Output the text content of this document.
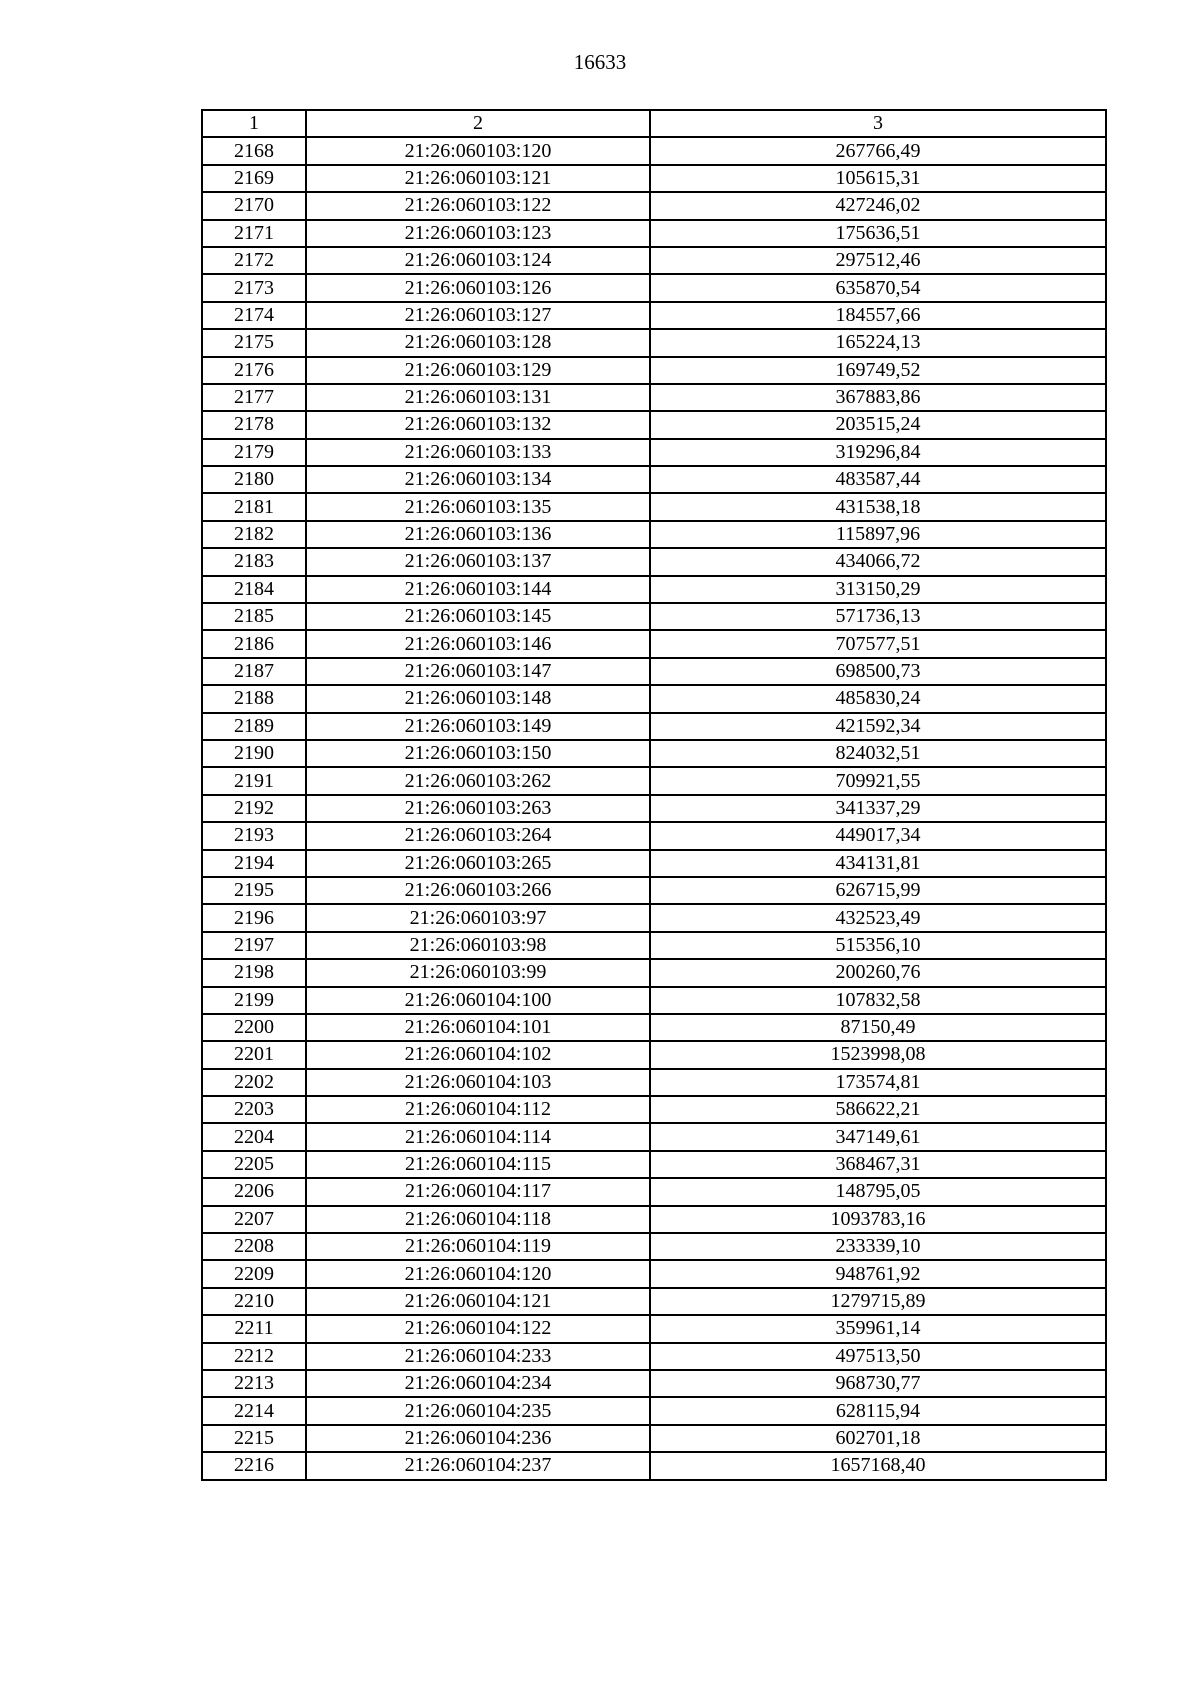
16633
1	2	3
2168	21:26:060103:120	267766,49
2169	21:26:060103:121	105615,31
2170	21:26:060103:122	427246,02
2171	21:26:060103:123	175636,51
2172	21:26:060103:124	297512,46
2173	21:26:060103:126	635870,54
2174	21:26:060103:127	184557,66
2175	21:26:060103:128	165224,13
2176	21:26:060103:129	169749,52
2177	21:26:060103:131	367883,86
2178	21:26:060103:132	203515,24
2179	21:26:060103:133	319296,84
2180	21:26:060103:134	483587,44
2181	21:26:060103:135	431538,18
2182	21:26:060103:136	115897,96
2183	21:26:060103:137	434066,72
2184	21:26:060103:144	313150,29
2185	21:26:060103:145	571736,13
2186	21:26:060103:146	707577,51
2187	21:26:060103:147	698500,73
2188	21:26:060103:148	485830,24
2189	21:26:060103:149	421592,34
2190	21:26:060103:150	824032,51
2191	21:26:060103:262	709921,55
2192	21:26:060103:263	341337,29
2193	21:26:060103:264	449017,34
2194	21:26:060103:265	434131,81
2195	21:26:060103:266	626715,99
2196	21:26:060103:97	432523,49
2197	21:26:060103:98	515356,10
2198	21:26:060103:99	200260,76
2199	21:26:060104:100	107832,58
2200	21:26:060104:101	87150,49
2201	21:26:060104:102	1523998,08
2202	21:26:060104:103	173574,81
2203	21:26:060104:112	586622,21
2204	21:26:060104:114	347149,61
2205	21:26:060104:115	368467,31
2206	21:26:060104:117	148795,05
2207	21:26:060104:118	1093783,16
2208	21:26:060104:119	233339,10
2209	21:26:060104:120	948761,92
2210	21:26:060104:121	1279715,89
2211	21:26:060104:122	359961,14
2212	21:26:060104:233	497513,50
2213	21:26:060104:234	968730,77
2214	21:26:060104:235	628115,94
2215	21:26:060104:236	602701,18
2216	21:26:060104:237	1657168,40
